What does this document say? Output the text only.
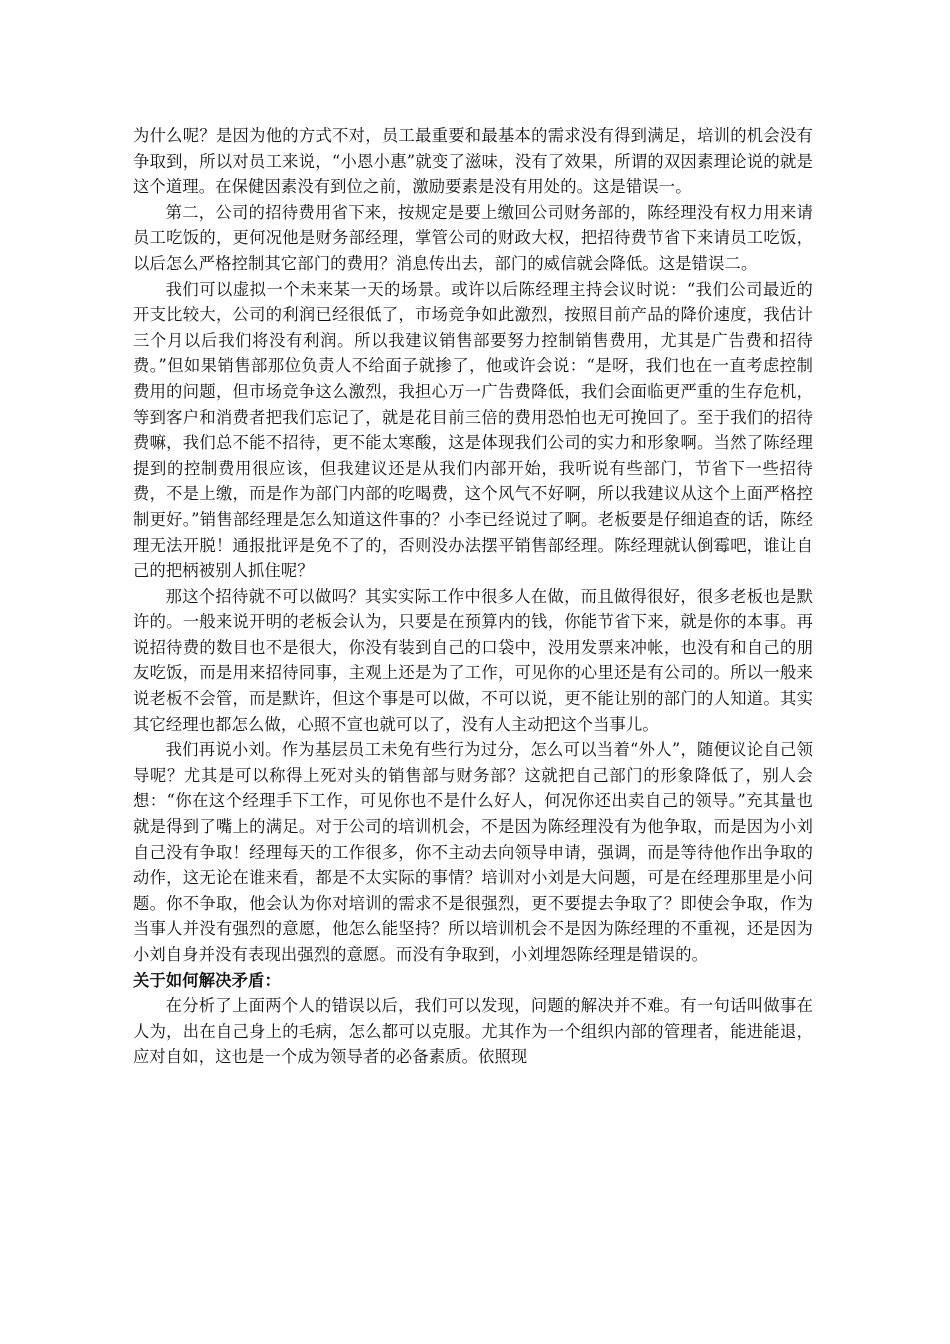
为什么呢？是因为他的方式不对，员工最重要和最基本的需求没有得到满足，培训的机会没有争取到，所以对员工来说，“小恩小惠”就变了滋味，没有了效果，所谓的双因素理论说的就是这个道理。在保健因素没有到位之前，激励要素是没有用处的。这是错误一。

第二，公司的招待费用省下来，按规定是要上缴回公司财务部的，陈经理没有权力用来请员工吃饭的，更何况他是财务部经理，掌管公司的财政大权，把招待费节省下来请员工吃饭，以后怎么严格控制其它部门的费用？消息传出去，部门的威信就会降低。这是错误二。

我们可以虚拟一个未来某一天的场景。或许以后陈经理主持会议时说：“我们公司最近的开支比较大，公司的利润已经很低了，市场竞争如此激烈，按照目前产品的降价速度，我估计三个月以后我们将没有利润。所以我建议销售部要努力控制销售费用，尤其是广告费和招待费。”但如果销售部那位负责人不给面子就掺了，他或许会说：“是呀，我们也在一直考虑控制费用的问题，但市场竞争这么激烈，我担心万一广告费降低，我们会面临更严重的生存危机，等到客户和消费者把我们忘记了，就是花目前三倍的费用恐怕也无可挽回了。至于我们的招待费嘛，我们总不能不招待，更不能太寒酸，这是体现我们公司的实力和形象啊。当然了陈经理提到的控制费用很应该，但我建议还是从我们内部开始，我听说有些部门，节省下一些招待费，不是上缴，而是作为部门内部的吃喝费，这个风气不好啊，所以我建议从这个上面严格控制更好。”销售部经理是怎么知道这件事的？小李已经说过了啊。老板要是仔细追查的话，陈经理无法开脱！通报批评是免不了的，否则没办法摆平销售部经理。陈经理就认倒霉吧，谁让自己的把柄被别人抓住呢？

那这个招待就不可以做吗？其实实际工作中很多人在做，而且做得很好，很多老板也是默许的。一般来说开明的老板会认为，只要是在预算内的钱，你能节省下来，就是你的本事。再说招待费的数目也不是很大，你没有装到自己的口袋中，没用发票来冲帐，也没有和自己的朋友吃饭，而是用来招待同事，主观上还是为了工作，可见你的心里还是有公司的。所以一般来说老板不会管，而是默许，但这个事是可以做，不可以说，更不能让别的部门的人知道。其实其它经理也都怎么做，心照不宣也就可以了，没有人主动把这个当事儿。

我们再说小刘。作为基层员工未免有些行为过分，怎么可以当着“外人”，随便议论自己领导呢？尤其是可以称得上死对头的销售部与财务部？这就把自己部门的形象降低了，别人会想：“你在这个经理手下工作，可见你也不是什么好人，何况你还出卖自己的领导。”充其量也就是得到了嘴上的满足。对于公司的培训机会，不是因为陈经理没有为他争取，而是因为小刘自己没有争取！经理每天的工作很多，你不主动去向领导申请，强调，而是等待他作出争取的动作，这无论在谁来看，都是不太实际的事情？培训对小刘是大问题，可是在经理那里是小问题。你不争取，他会认为你对培训的需求不是很强烈，更不要提去争取了？即使会争取，作为当事人并没有强烈的意愿，他怎么能坚持？所以培训机会不是因为陈经理的不重视，还是因为小刘自身并没有表现出强烈的意愿。而没有争取到，小刘埋怨陈经理是错误的。

关于如何解决矛盾：

在分析了上面两个人的错误以后，我们可以发现，问题的解决并不难。有一句话叫做事在人为，出在自己身上的毛病，怎么都可以克服。尤其作为一个组织内部的管理者，能进能退，应对自如，这也是一个成为领导者的必备素质。依照现
